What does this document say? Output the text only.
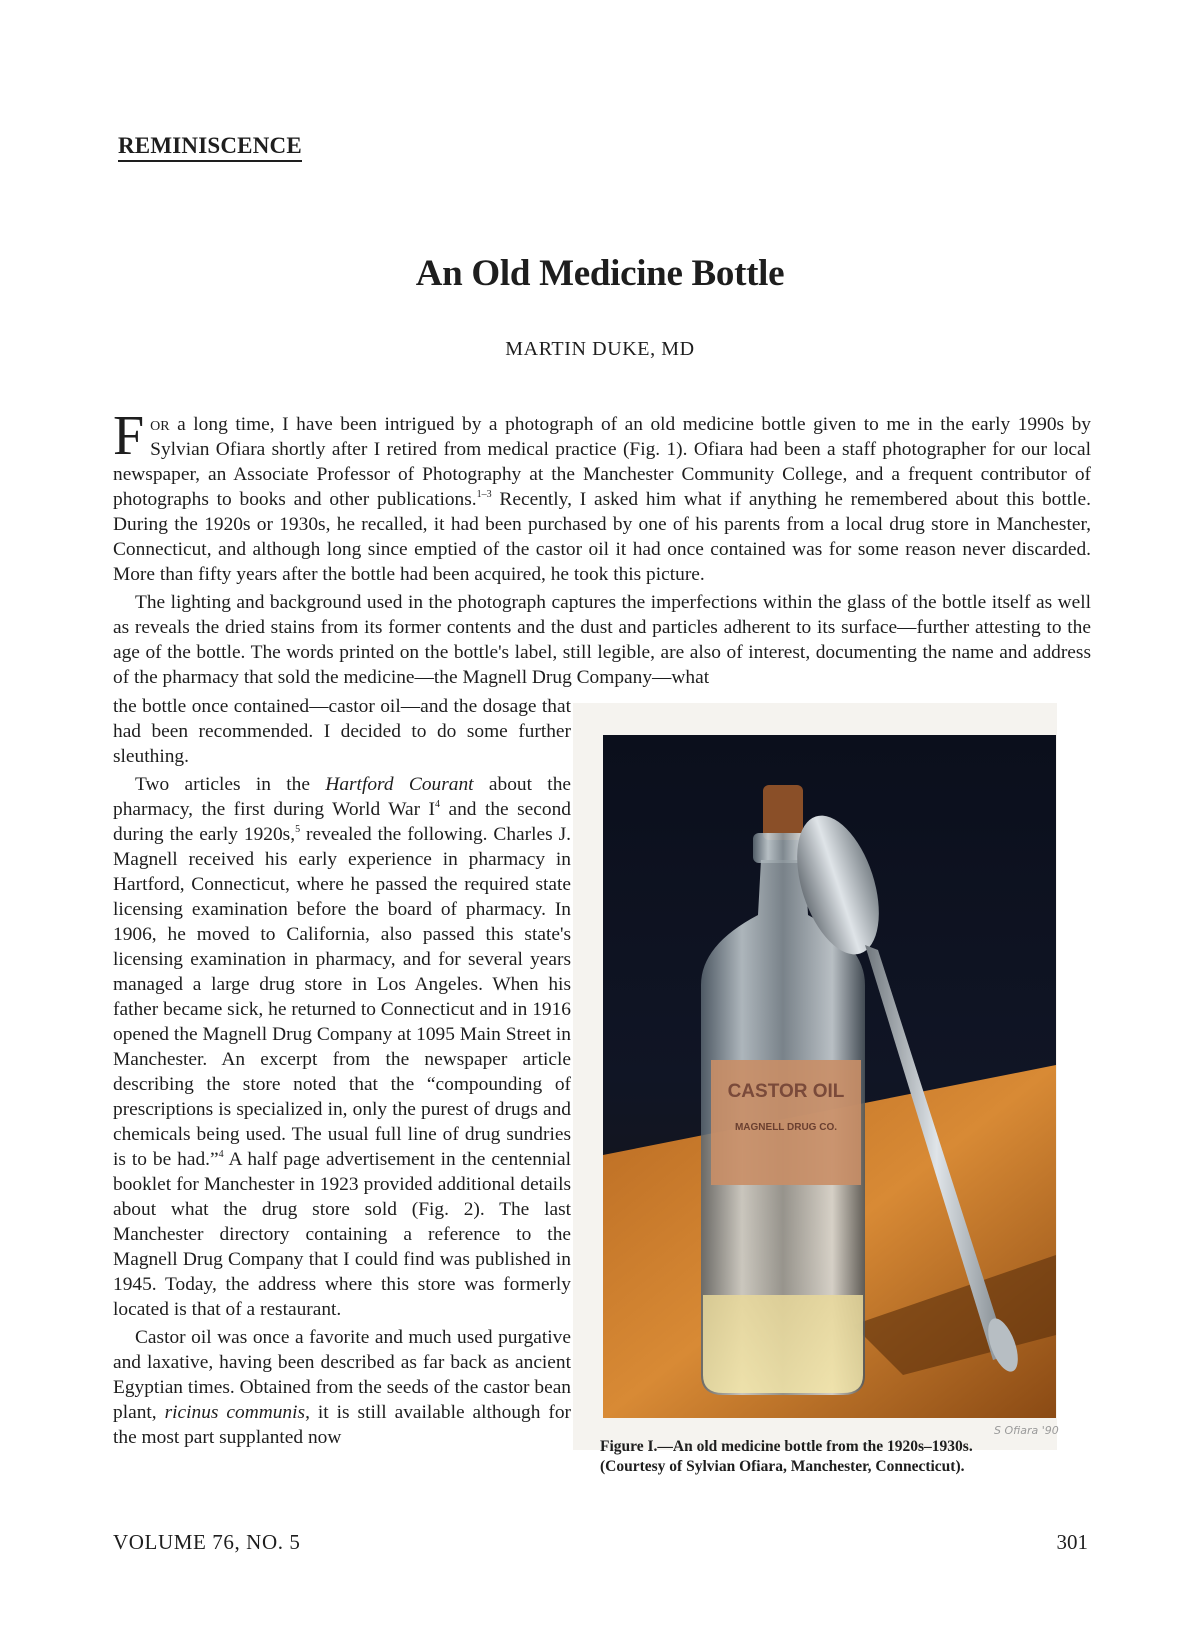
REMINISCENCE
An Old Medicine Bottle
MARTIN DUKE, MD

For a long time, I have been intrigued by a photograph of an old medicine bottle given to me in the early 1990s by Sylvian Ofiara shortly after I retired from medical practice (Fig. 1). Ofiara had been a staff photographer for our local newspaper, an Associate Professor of Photography at the Manchester Community College, and a frequent contributor of photographs to books and other publications.$^{1-3}$ Recently, I asked him what if anything he remembered about this bottle. During the 1920s or 1930s, he recalled, it had been purchased by one of his parents from a local drug store in Manchester, Connecticut, and although long since emptied of the castor oil it had once contained was for some reason never discarded. More than fifty years after the bottle had been acquired, he took this picture.

The lighting and background used in the photograph captures the imperfections within the glass of the bottle itself as well as reveals the dried stains from its former contents and the dust and particles adherent to its surface—further attesting to the age of the bottle. The words printed on the bottle's label, still legible, are also of interest, documenting the name and address of the pharmacy that sold the medicine—the Magnell Drug Company—what

the bottle once contained—castor oil—and the dosage that had been recommended. I decided to do some further sleuthing.

Two articles in the Hartford Courant about the pharmacy, the first during World War $I^4$ and the second during the early 1920s,$^5$ revealed the following. Charles J. Magnell received his early experience in pharmacy in Hartford, Connecticut, where he passed the required state licensing examination before the board of pharmacy. In 1906, he moved to California, also passed this state's licensing examination in pharmacy, and for several years managed a large drug store in Los Angeles. When his father became sick, he returned to Connecticut and in 1916 opened the Magnell Drug Company at 1095 Main Street in Manchester. An excerpt from the newspaper article describing the store noted that the “compounding of prescriptions is specialized in, only the purest of drugs and chemicals being used. The usual full line of drug sundries is to be had.”$^4$ A half page advertisement in the centennial booklet for Manchester in 1923 provided additional details about what the drug store sold (Fig. 2). The last Manchester directory containing a reference to the Magnell Drug Company that I could find was published in 1945. Today, the address where this store was formerly located is that of a restaurant.

Castor oil was once a favorite and much used purgative and laxative, having been described as far back as ancient Egyptian times. Obtained from the seeds of the castor bean plant, ricinus communis, it is still available although for the most part supplanted now

CASTOR OIL
MAGNELL DRUG CO.
S Ofiara '90
Figure I.—An old medicine bottle from the 1920s–1930s.
(Courtesy of Sylvian Ofiara, Manchester, Connecticut).
VOLUME 76, NO. 5	301
